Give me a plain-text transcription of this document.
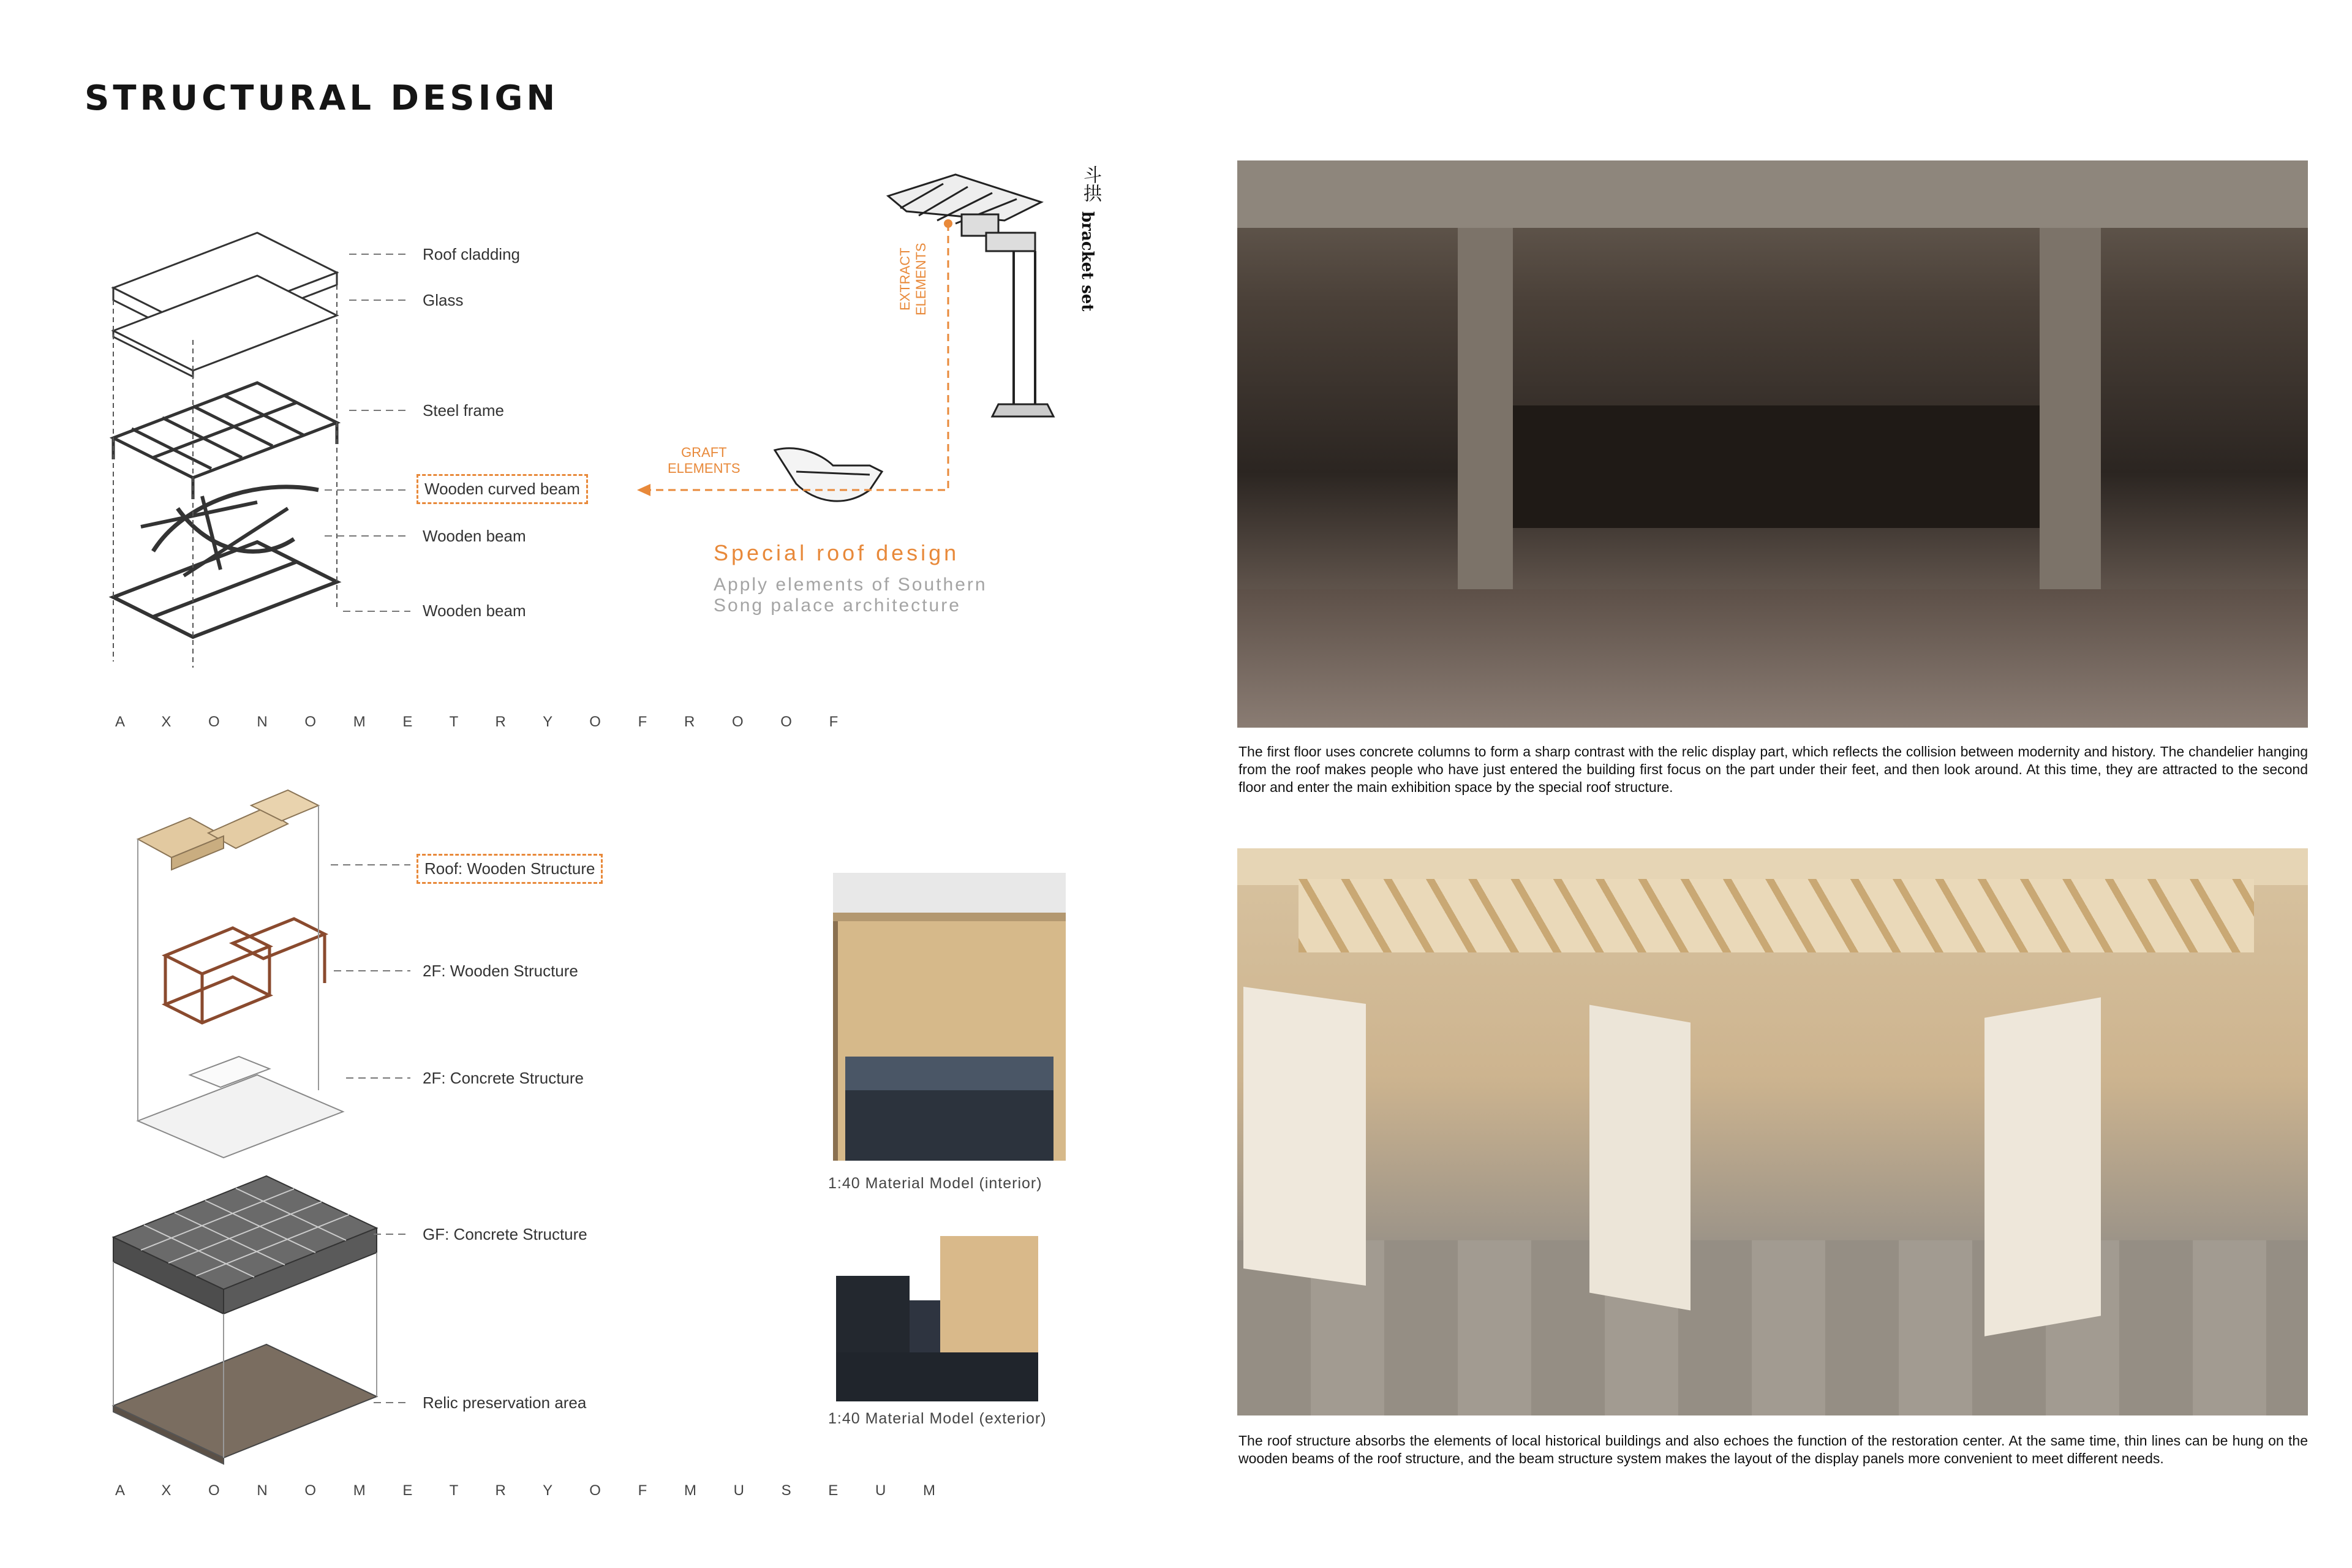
STRUCTURAL DESIGN
Roof cladding
Glass
Steel frame
Wooden curved beam
Wooden beam
Wooden beam
A X O N O M E T R Y O F R O O F
斗拱
bracket set
EXTRACT
ELEMENTS
GRAFT
ELEMENTS
Special roof design
Apply elements of Southern
Song palace architecture
Roof: Wooden Structure
2F: Wooden Structure
2F: Concrete Structure
GF: Concrete Structure
Relic preservation area
A X O N O M E T R Y O F M U S E U M
1:40 Material Model (interior)
1:40 Material Model (exterior)
The first floor uses concrete columns to form a sharp contrast with the relic display part, which reflects the collision between modernity and history. The chandelier hanging from the roof makes people who have just entered the building first focus on the part under their feet, and then look around. At this time, they are attracted to the second floor and enter the main exhibition space by the special roof structure.
The roof structure absorbs the elements of local historical buildings and also echoes the function of the restoration center. At the same time, thin lines can be hung on the wooden beams of the roof structure, and the beam structure system makes the layout of the display panels more convenient to meet different needs.
